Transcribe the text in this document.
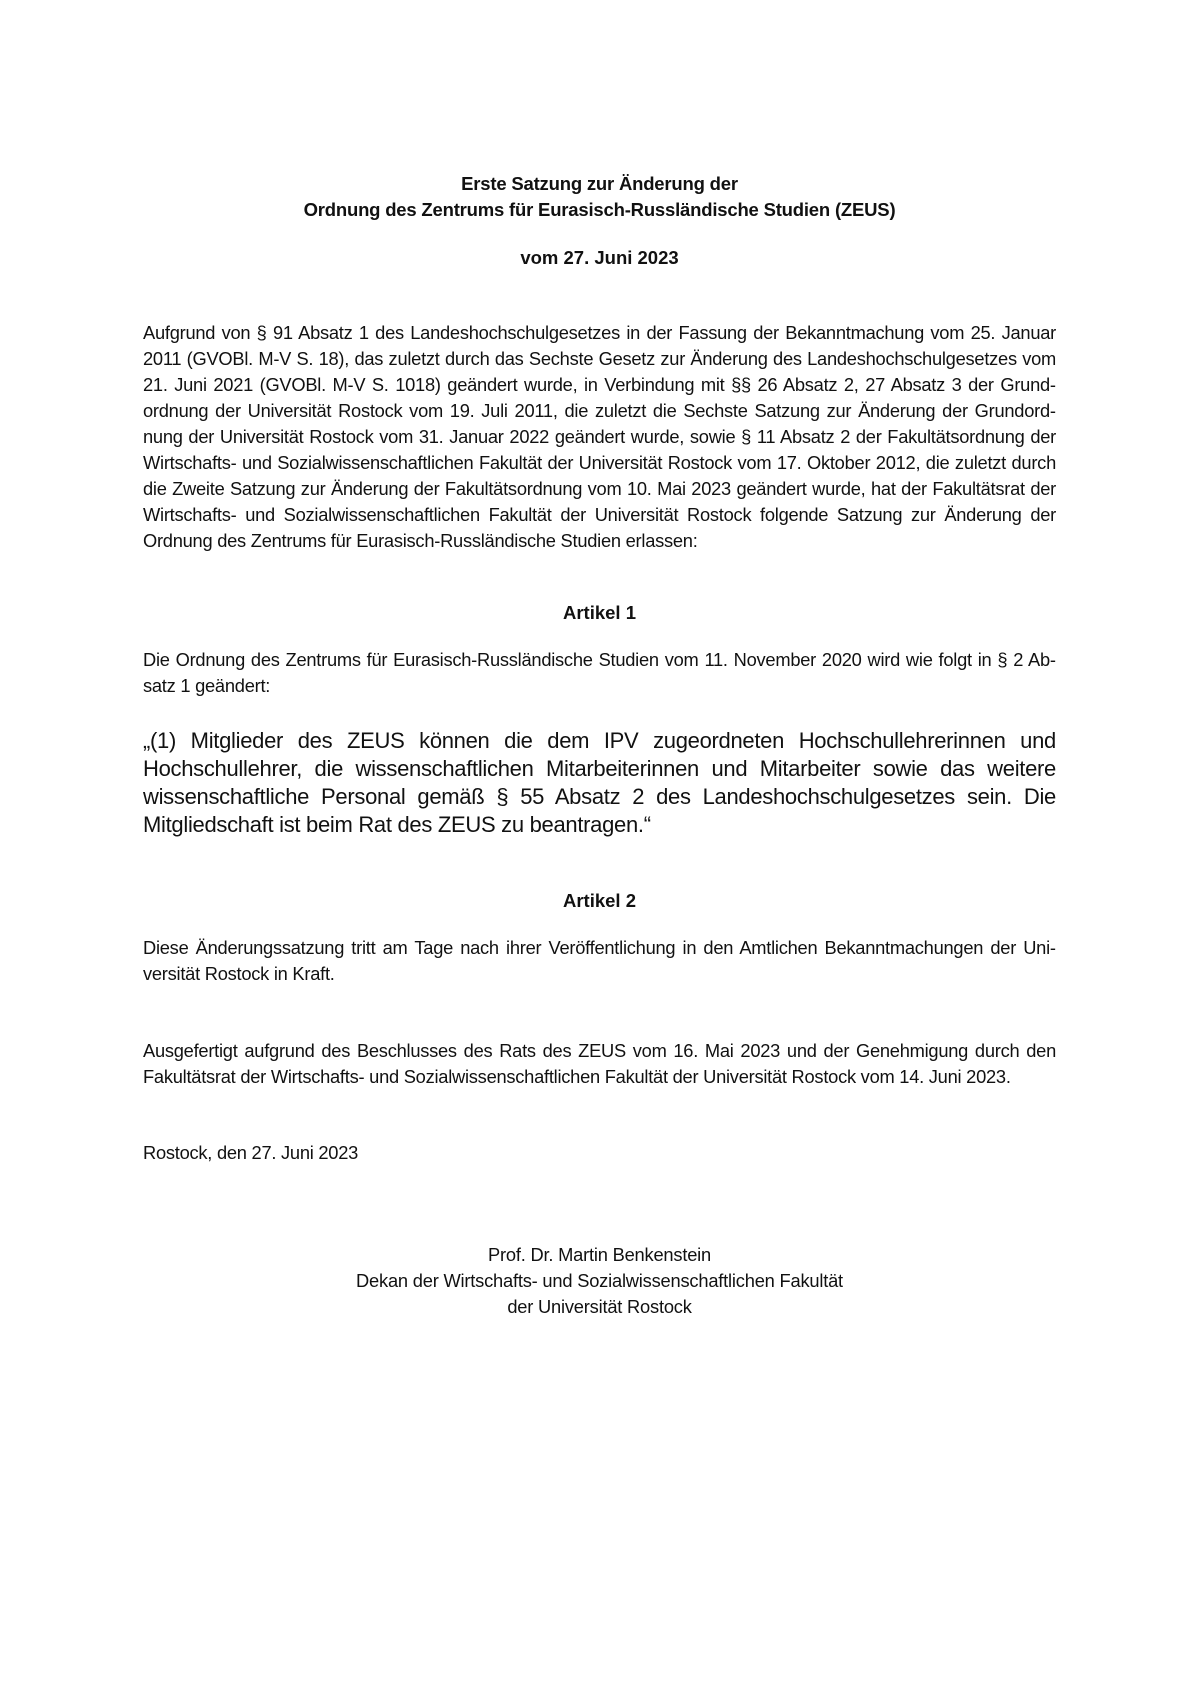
Erste Satzung zur Änderung der
Ordnung des Zentrums für Eurasisch-Russländische Studien (ZEUS)
vom 27. Juni 2023

Aufgrund von § 91 Absatz 1 des Landeshochschulgesetzes in der Fassung der Bekanntmachung vom 25. Januar 2011 (GVOBl. M-V S. 18), das zuletzt durch das Sechste Gesetz zur Änderung des Landeshochschulgesetzes vom 21. Juni 2021 (GVOBl. M-V S. 1018) geändert wurde, in Verbindung mit §§ 26 Absatz 2, 27 Absatz 3 der Grundordnung der Universität Rostock vom 19. Juli 2011, die zuletzt die Sechste Satzung zur Änderung der Grundordnung der Universität Rostock vom 31. Januar 2022 geändert wurde, sowie § 11 Absatz 2 der Fakultätsordnung der Wirtschafts- und Sozialwissenschaftlichen Fakultät der Universität Rostock vom 17. Oktober 2012, die zuletzt durch die Zweite Satzung zur Änderung der Fakultätsordnung vom 10. Mai 2023 geändert wurde, hat der Fakultätsrat der Wirtschafts- und Sozialwissenschaftlichen Fakultät der Universität Rostock folgende Satzung zur Änderung der Ordnung des Zentrums für Eurasisch-Russländische Studien erlassen:

Artikel 1

Die Ordnung des Zentrums für Eurasisch-Russländische Studien vom 11. November 2020 wird wie folgt in § 2 Absatz 1 geändert:

„(1) Mitglieder des ZEUS können die dem IPV zugeordneten Hochschullehrerinnen und Hochschullehrer, die wissenschaftlichen Mitarbeiterinnen und Mitarbeiter sowie das weitere wissenschaftliche Personal gemäß § 55 Absatz 2 des Landeshochschulgesetzes sein. Die Mitgliedschaft ist beim Rat des ZEUS zu beantragen.“

Artikel 2

Diese Änderungssatzung tritt am Tage nach ihrer Veröffentlichung in den Amtlichen Bekanntmachungen der Universität Rostock in Kraft.

Ausgefertigt aufgrund des Beschlusses des Rats des ZEUS vom 16. Mai 2023 und der Genehmigung durch den Fakultätsrat der Wirtschafts- und Sozialwissenschaftlichen Fakultät der Universität Rostock vom 14. Juni 2023.

Rostock, den 27. Juni 2023

Prof. Dr. Martin Benkenstein
Dekan der Wirtschafts- und Sozialwissenschaftlichen Fakultät
der Universität Rostock
